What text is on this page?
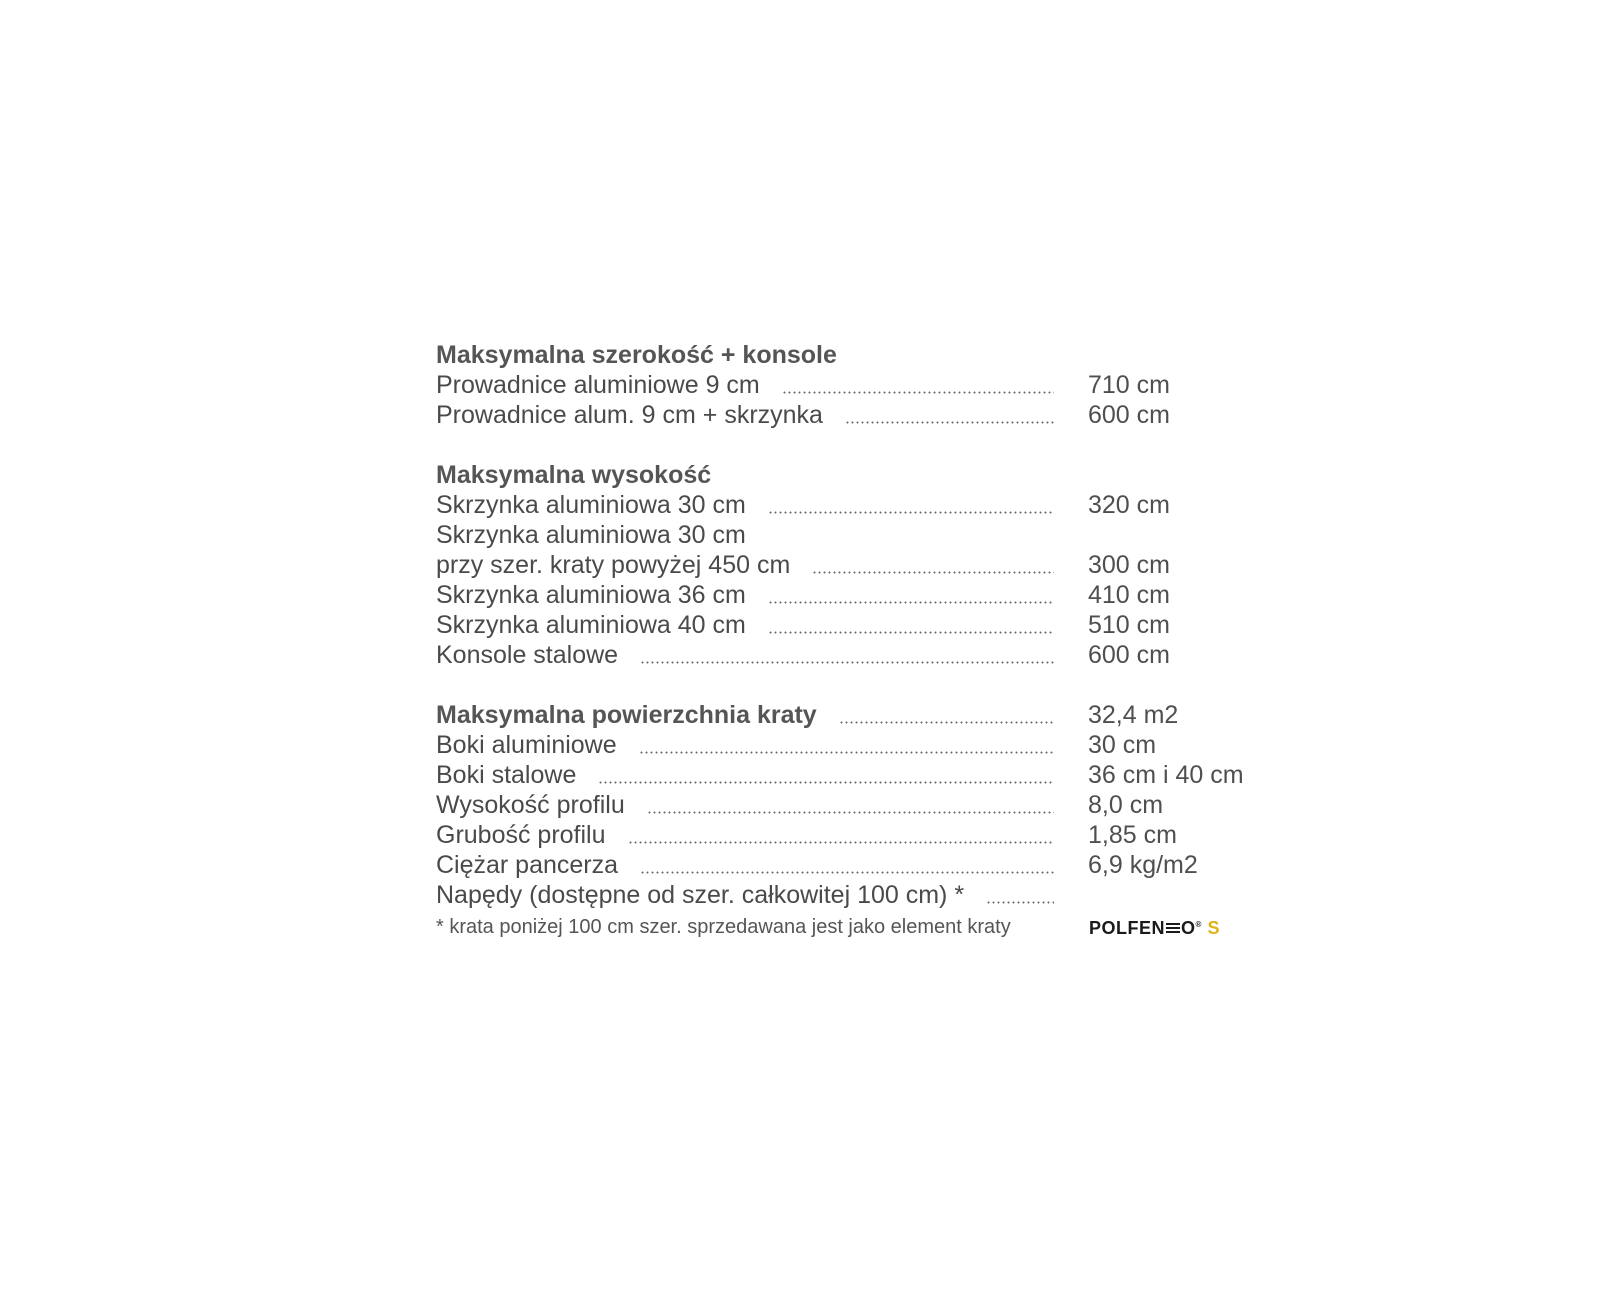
Maksymalna szerokość + konsole
Prowadnice aluminiowe 9 cm	710 cm
Prowadnice alum. 9 cm + skrzynka	600 cm
Maksymalna wysokość
Skrzynka aluminiowa 30 cm	320 cm
Skrzynka aluminiowa 30 cm
przy szer. kraty powyżej 450 cm	300 cm
Skrzynka aluminiowa 36 cm	410 cm
Skrzynka aluminiowa 40 cm	510 cm
Konsole stalowe	600 cm
Maksymalna powierzchnia kraty	32,4 m2
Boki aluminiowe	30 cm
Boki stalowe	36 cm i 40 cm
Wysokość profilu	8,0 cm
Grubość profilu	1,85 cm
Ciężar pancerza	6,9 kg/m2
Napędy (dostępne od szer. całkowitej 100 cm) *
* krata poniżej 100 cm szer. sprzedawana jest jako element kraty	POLFEN O® S
